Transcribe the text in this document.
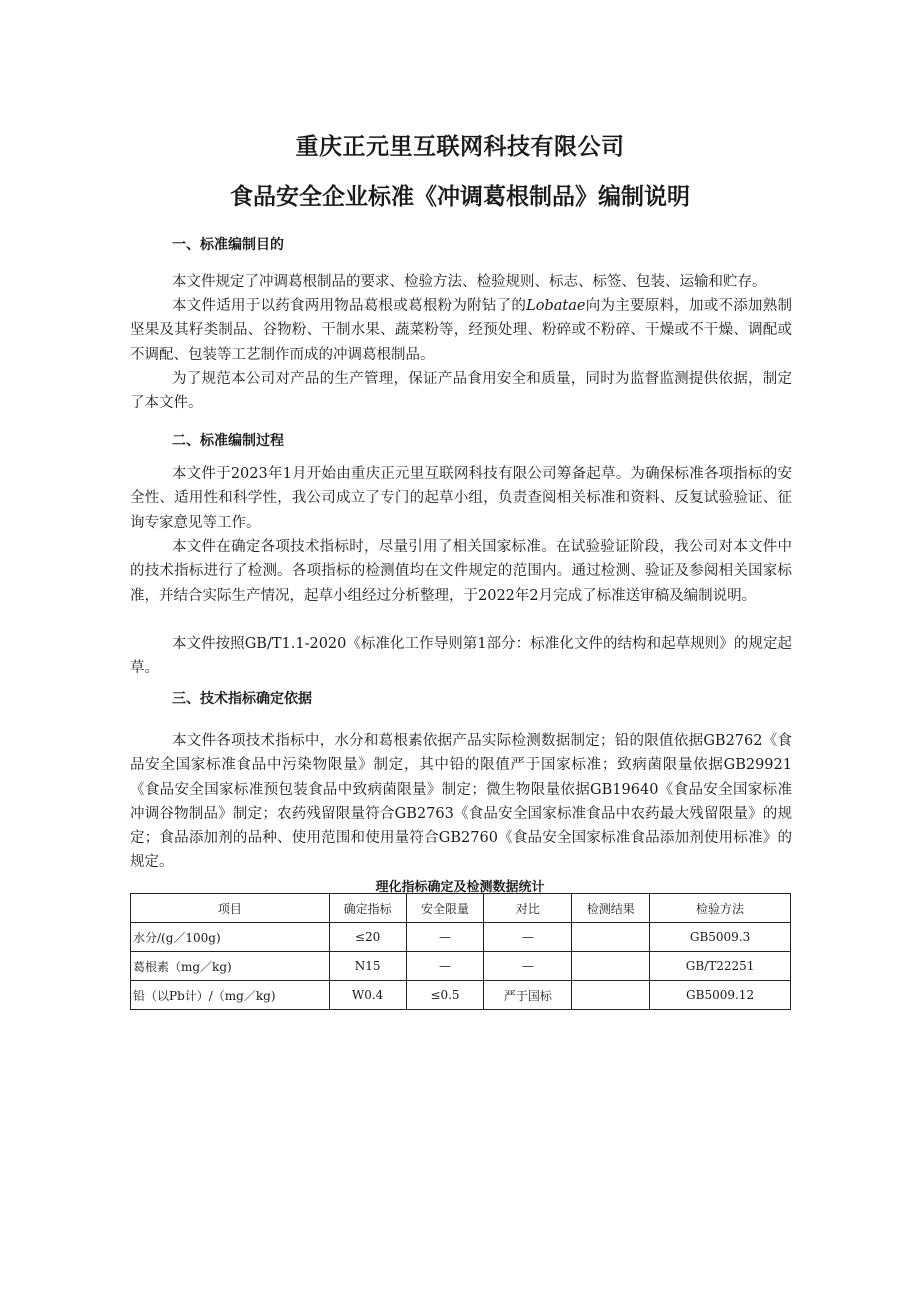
重庆正元里互联网科技有限公司
食品安全企业标准《冲调葛根制品》编制说明
一、标准编制目的

本文件规定了冲调葛根制品的要求、检验方法、检验规则、标志、标签、包装、运输和贮存。

本文件适用于以药食两用物品葛根或葛根粉为附钻了的Lobatae向为主要原料，加或不添加熟制坚果及其籽类制品、谷物粉、干制水果、蔬菜粉等，经预处理、粉碎或不粉碎、干燥或不干燥、调配或不调配、包装等工艺制作而成的冲调葛根制品。

为了规范本公司对产品的生产管理，保证产品食用安全和质量，同时为监督监测提供依据，制定了本文件。

二、标准编制过程

本文件于2023年1月开始由重庆正元里互联网科技有限公司筹备起草。为确保标准各项指标的安全性、适用性和科学性，我公司成立了专门的起草小组，负责查阅相关标准和资料、反复试验验证、征询专家意见等工作。

本文件在确定各项技术指标时，尽量引用了相关国家标准。在试验验证阶段，我公司对本文件中的技术指标进行了检测。各项指标的检测值均在文件规定的范围内。通过检测、验证及参阅相关国家标准，并结合实际生产情况，起草小组经过分析整理，于2022年2月完成了标准送审稿及编制说明。

本文件按照GB/T1.1-2020《标准化工作导则第1部分：标准化文件的结构和起草规则》的规定起草。

三、技术指标确定依据

本文件各项技术指标中，水分和葛根素依据产品实际检测数据制定；铅的限值依据GB2762《食品安全国家标准食品中污染物限量》制定，其中铅的限值严于国家标准；致病菌限量依据GB29921《食品安全国家标准预包装食品中致病菌限量》制定；微生物限量依据GB19640《食品安全国家标准冲调谷物制品》制定；农药残留限量符合GB2763《食品安全国家标准食品中农药最大残留限量》的规定；食品添加剂的品种、使用范围和使用量符合GB2760《食品安全国家标准食品添加剂使用标准》的规定。

理化指标确定及检测数据统计
项目	确定指标	安全限量	对比	检测结果	检验方法
水分/(g／100g)	≤20	—	—		GB5009.3
葛根素（mg／kg)	N15	—	—		GB/T22251
铅（以Pb计）/（mg／kg)	W0.4	≤0.5	严于国标		GB5009.12
